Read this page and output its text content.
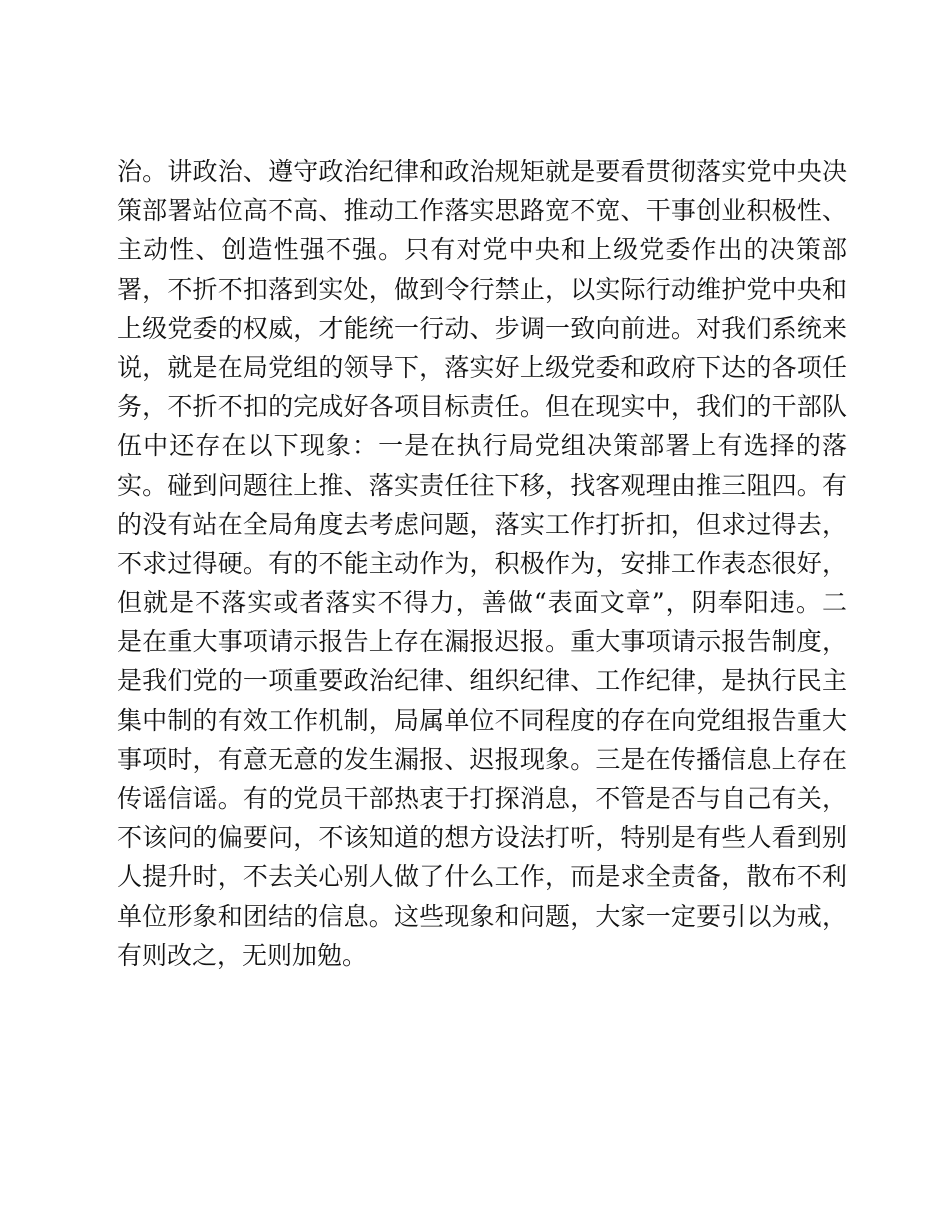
治。讲政治、遵守政治纪律和政治规矩就是要看贯彻落实党中央决
策部署站位高不高、推动工作落实思路宽不宽、干事创业积极性、
主动性、创造性强不强。只有对党中央和上级党委作出的决策部
署，不折不扣落到实处，做到令行禁止，以实际行动维护党中央和
上级党委的权威，才能统一行动、步调一致向前进。对我们系统来
说，就是在局党组的领导下，落实好上级党委和政府下达的各项任
务，不折不扣的完成好各项目标责任。但在现实中，我们的干部队
伍中还存在以下现象：一是在执行局党组决策部署上有选择的落
实。碰到问题往上推、落实责任往下移，找客观理由推三阻四。有
的没有站在全局角度去考虑问题，落实工作打折扣，但求过得去，
不求过得硬。有的不能主动作为，积极作为，安排工作表态很好，
但就是不落实或者落实不得力，善做“表面文章”，阴奉阳违。二
是在重大事项请示报告上存在漏报迟报。重大事项请示报告制度，
是我们党的一项重要政治纪律、组织纪律、工作纪律，是执行民主
集中制的有效工作机制，局属单位不同程度的存在向党组报告重大
事项时，有意无意的发生漏报、迟报现象。三是在传播信息上存在
传谣信谣。有的党员干部热衷于打探消息，不管是否与自己有关，
不该问的偏要问，不该知道的想方设法打听，特别是有些人看到别
人提升时，不去关心别人做了什么工作，而是求全责备，散布不利
单位形象和团结的信息。这些现象和问题，大家一定要引以为戒，
有则改之，无则加勉。
